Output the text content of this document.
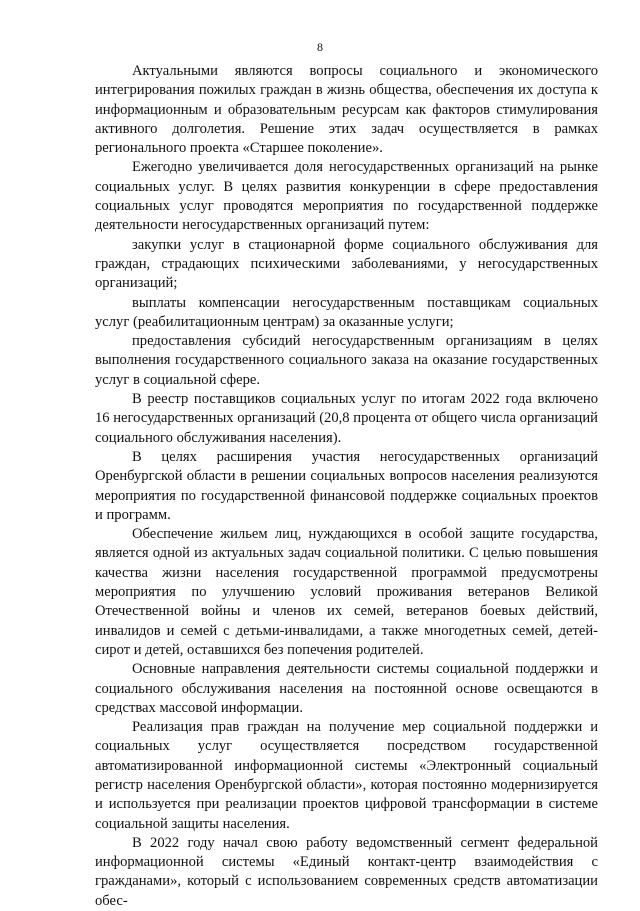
8

Актуальными являются вопросы социального и экономического интегрирования пожилых граждан в жизнь общества, обеспечения их доступа к информационным и образовательным ресурсам как факторов стимулирования активного долголетия. Решение этих задач осуществляется в рамках регионального проекта «Старшее поколение».

Ежегодно увеличивается доля негосударственных организаций на рынке социальных услуг. В целях развития конкуренции в сфере предоставления социальных услуг проводятся мероприятия по государственной поддержке деятельности негосударственных организаций путем:

закупки услуг в стационарной форме социального обслуживания для граждан, страдающих психическими заболеваниями, у негосударственных организаций;

выплаты компенсации негосударственным поставщикам социальных услуг (реабилитационным центрам) за оказанные услуги;

предоставления субсидий негосударственным организациям в целях выполнения государственного социального заказа на оказание государственных услуг в социальной сфере.

В реестр поставщиков социальных услуг по итогам 2022 года включено 16 негосударственных организаций (20,8 процента от общего числа организаций социального обслуживания населения).

В целях расширения участия негосударственных организаций Оренбургской области в решении социальных вопросов населения реализуются мероприятия по государственной финансовой поддержке социальных проектов и программ.

Обеспечение жильем лиц, нуждающихся в особой защите государства, является одной из актуальных задач социальной политики. С целью повышения качества жизни населения государственной программой предусмотрены мероприятия по улучшению условий проживания ветеранов Великой Отечественной войны и членов их семей, ветеранов боевых действий, инвалидов и семей с детьми-инвалидами, а также многодетных семей, детей-сирот и детей, оставшихся без попечения родителей.

Основные направления деятельности системы социальной поддержки и социального обслуживания населения на постоянной основе освещаются в средствах массовой информации.

Реализация прав граждан на получение мер социальной поддержки и социальных услуг осуществляется посредством государственной автоматизированной информационной системы «Электронный социальный регистр населения Оренбургской области», которая постоянно модернизируется и используется при реализации проектов цифровой трансформации в системе социальной защиты населения.

В 2022 году начал свою работу ведомственный сегмент федеральной информационной системы «Единый контакт-центр взаимодействия с гражданами», который с использованием современных средств автоматизации обес-
